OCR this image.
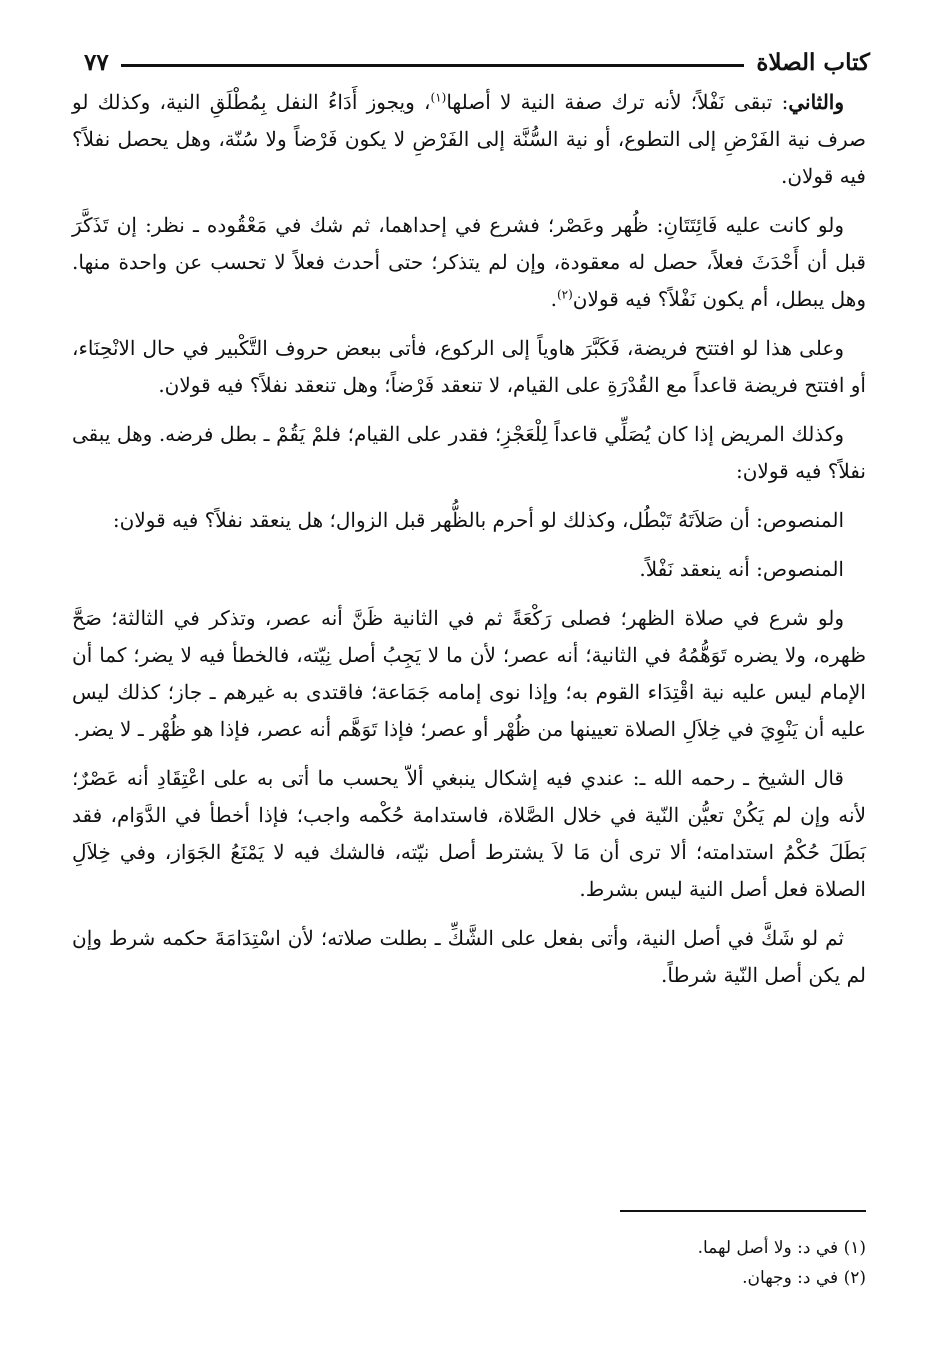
كتاب الصلاة
٧٧

والثاني: تبقى نَفْلاً؛ لأنه ترك صفة النية لا أصلها$^{(١)}$، ويجوز أَدَاءُ النفل بِمُطْلَقِ النية، وكذلك لو صرف نية الفَرْضِ إلى التطوع، أو نية السُّنَّة إلى الفَرْضِ لا يكون فَرْضاً ولا سُنّة، وهل يحصل نفلاً؟ فيه قولان.

ولو كانت عليه فَائِتَتَانِ: ظُهر وعَصْر؛ فشرع في إحداهما، ثم شك في مَعْقُوده ـ نظر: إن تَذَكَّرَ قبل أن أَحْدَثَ فعلاً، حصل له معقودة، وإن لم يتذكر؛ حتى أحدث فعلاً لا تحسب عن واحدة منها. وهل يبطل، أم يكون نَفْلاً؟ فيه قولان$^{(٢)}$.

وعلى هذا لو افتتح فريضة، فَكَبَّرَ هاوياً إلى الركوع، فأتى ببعض حروف التَّكْبير في حال الانْحِنَاء، أو افتتح فريضة قاعداً مع القُدْرَةِ على القيام، لا تنعقد فَرْضاً؛ وهل تنعقد نفلاً؟ فيه قولان.

وكذلك المريض إذا كان يُصَلِّي قاعداً لِلْعَجْزِ؛ فقدر على القيام؛ فلمْ يَقُمْ ـ بطل فرضه. وهل يبقى نفلاً؟ فيه قولان:

المنصوص: أن صَلاَتَهُ تَبْطُل، وكذلك لو أحرم بالظُّهر قبل الزوال؛ هل ينعقد نفلاً؟ فيه قولان:

المنصوص: أنه ينعقد نَفْلاً.

ولو شرع في صلاة الظهر؛ فصلى رَكْعَةً ثم في الثانية ظَنَّ أنه عصر، وتذكر في الثالثة؛ صَحَّ ظهره، ولا يضره تَوَهُّمُهُ في الثانية؛ أنه عصر؛ لأن ما لا يَجِبُ أصل نِيّته، فالخطأ فيه لا يضر؛ كما أن الإمام ليس عليه نية اقْتِدَاء القوم به؛ وإذا نوى إمامه جَمَاعة؛ فاقتدى به غيرهم ـ جاز؛ كذلك ليس عليه أن يَنْوِيَ في خِلاَلِ الصلاة تعيينها من ظُهْر أو عصر؛ فإذا تَوَهَّم أنه عصر، فإذا هو ظُهْر ـ لا يضر.

قال الشيخ ـ رحمه الله ـ: عندي فيه إشكال ينبغي ألاّ يحسب ما أتى به على اعْتِقَادِ أنه عَصْرٌ؛ لأنه وإن لم يَكُنْ تعيُّن النّية في خلال الصَّلاة، فاستدامة حُكْمه واجب؛ فإذا أخطأ في الدَّوَام، فقد بَطَلَ حُكْمُ استدامته؛ ألا ترى أن مَا لاَ يشترط أصل نيّته، فالشك فيه لا يَمْنَعُ الجَوَاز، وفي خِلاَلِ الصلاة فعل أصل النية ليس بشرط.

ثم لو شَكَّ في أصل النية، وأتى بفعل على الشَّكِّ ـ بطلت صلاته؛ لأن اسْتِدَامَةَ حكمه شرط وإن لم يكن أصل النّية شرطاً.

(١) في د: ولا أصل لهما.
(٢) في د: وجهان.
